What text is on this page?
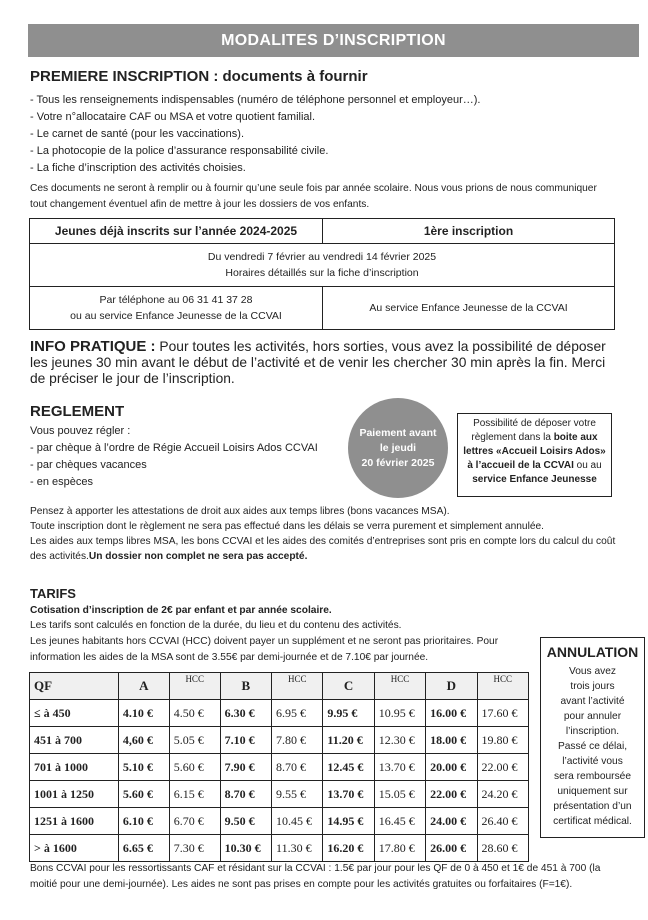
MODALITES D’INSCRIPTION
PREMIERE INSCRIPTION : documents à fournir
- Tous les renseignements indispensables (numéro de téléphone personnel et employeur…).
- Votre n°allocataire CAF ou MSA et votre quotient familial.
- Le carnet de santé (pour les vaccinations).
- La photocopie de la police d’assurance responsabilité civile.
- La fiche d’inscription des activités choisies.
Ces documents ne seront à remplir ou à fournir qu’une seule fois par année scolaire. Nous vous prions de nous communiquer
tout changement éventuel afin de mettre à jour les dossiers de vos enfants.
Jeunes déjà inscrits sur l’année 2024-2025	1ère inscription

Du vendredi 7 février au vendredi 14 février 2025
Horaires détaillés sur la fiche d’inscription	

Par téléphone au 06 31 41 37 28
ou au service Enfance Jeunesse de la CCVAI	Au service Enfance Jeunesse de la CCVAI
INFO PRATIQUE : Pour toutes les activités, hors sorties, vous avez la possibilité de déposer les jeunes 30 min avant le début de l’activité et de venir les chercher 30 min après la fin. Merci de préciser le jour de l’inscription.
REGLEMENT
Vous pouvez régler :
- par chèque à l’ordre de Régie Accueil Loisirs Ados CCVAI
- par chèques vacances
- en espèces
Paiement avant
le jeudi
20 février 2025
Possibilité de déposer votre
règlement dans la boite aux
lettres «Accueil Loisirs Ados»
à l’accueil de la CCVAI ou au
service Enfance Jeunesse
Pensez à apporter les attestations de droit aux aides aux temps libres (bons vacances MSA).
Toute inscription dont le règlement ne sera pas effectué dans les délais se verra purement et simplement annulée.
Les aides aux temps libres MSA, les bons CCVAI et les aides des comités d’entreprises sont pris en compte lors du calcul du coût
des activités.Un dossier non complet ne sera pas accepté.
TARIFS
Cotisation d’inscription de 2€ par enfant et par année scolaire.
Les tarifs sont calculés en fonction de la durée, du lieu et du contenu des activités.
Les jeunes habitants hors CCVAI (HCC) doivent payer un supplément et ne seront pas prioritaires. Pour
information les aides de la MSA sont de 3.55€ par demi-journée et de 7.10€ par journée.	ANNULATION
Vous avez
trois jours
avant l’activité
pour annuler
l’inscription.
Passé ce délai,
l’activité vous
sera remboursée
uniquement sur
présentation d’un
certificat médical.
QF	A	HCC	B	HCC	C	HCC	D	HCC
≤ à 450	4.10 €	4.50 €	6.30 €	6.95 €	9.95 €	10.95 €	16.00 €	17.60 €
451 à 700	4,60 €	5.05 €	7.10 €	7.80 €	11.20 €	12.30 €	18.00 €	19.80 €
701 à 1000	5.10 €	5.60 €	7.90 €	8.70 €	12.45 €	13.70 €	20.00 €	22.00 €
1001 à 1250	5.60 €	6.15 €	8.70 €	9.55 €	13.70 €	15.05 €	22.00 €	24.20 €
1251 à 1600	6.10 €	6.70 €	9.50 €	10.45 €	14.95 €	16.45 €	24.00 €	26.40 €
> à 1600	6.65 €	7.30 €	10.30 €	11.30 €	16.20 €	17.80 €	26.00 €	28.60 €
Bons CCVAI pour les ressortissants CAF et résidant sur la CCVAI : 1.5€ par jour pour les QF de 0 à 450 et 1€ de 451 à 700 (la
moitié pour une demi-journée). Les aides ne sont pas prises en compte pour les activités gratuites ou forfaitaires (F=1€).
